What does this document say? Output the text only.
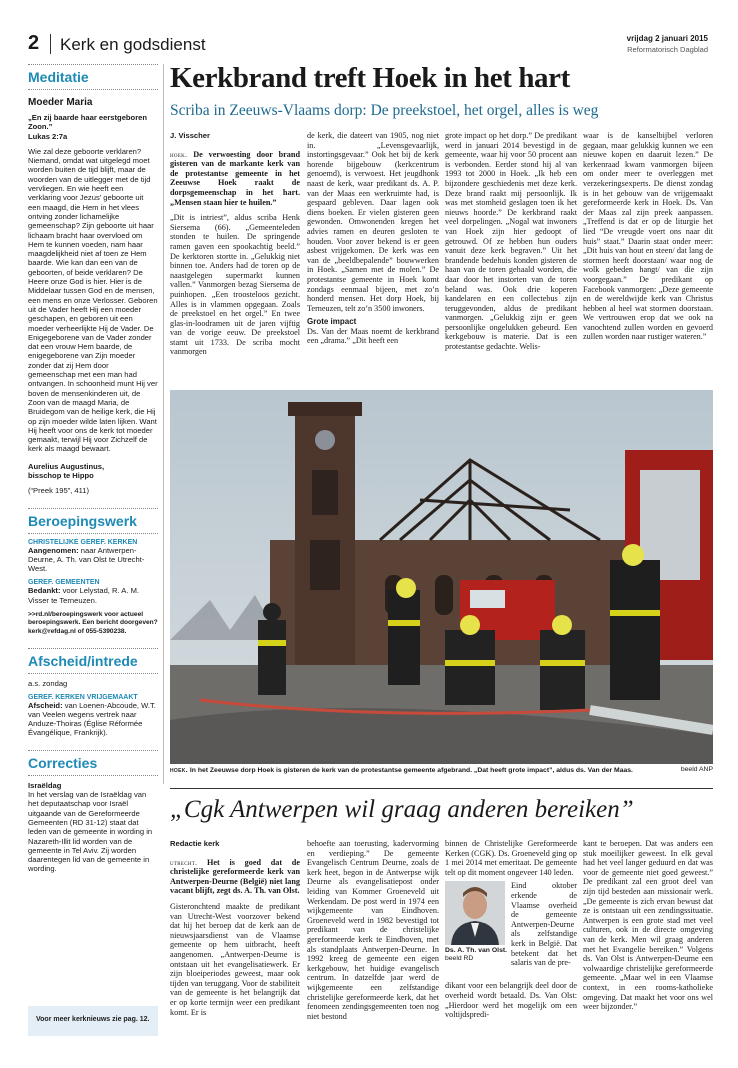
2 Kerk en godsdienst	vrijdag 2 januari 2015
Reformatorisch Dagblad
Meditatie
Moeder Maria
„En zij baarde haar eerstgeboren Zoon.”
Lukas 2:7a
Wie zal deze geboorte verklaren? Niemand, omdat wat uitgelegd moet worden buiten de tijd blijft, maar de woorden van de uitlegger met de tijd vervliegen. En wie heeft een verklaring voor Jezus’ geboorte uit een maagd, die Hem in het vlees ontving zonder lichamelijke gemeenschap? Zijn geboorte uit haar lichaam bracht haar overvloed om Hem te kunnen voeden, nam haar maagdelijkheid niet af toen ze Hem baarde. Wie kan dan een van de geboorten, of beide verklaren? De Heere onze God is hier. Hier is de Middelaar tussen God en de mensen, een mens en onze Verlosser. Geboren uit de Vader heeft Hij een moeder geschapen, en geboren uit een moeder verheerlijkte Hij de Vader. De Enigegeborene van de Vader zonder dat een vrouw Hem baarde, de enigegeborene van Zijn moeder zonder dat zij Hem door gemeenschap met een man had ontvangen. In schoonheid munt Hij ver boven de mensenkinderen uit, de Zoon van de maagd Maria, de Bruidegom van de heilige kerk, die Hij op zijn moeder wilde laten lijken. Want Hij heeft voor ons de kerk tot moeder gemaakt, terwijl Hij voor Zichzelf de kerk als maagd bewaart.
Aurelius Augustinus,
bisschop te Hippo
(“Preek 195”, 411)
Beroepingswerk
CHRISTELIJKE GEREF. KERKEN
Aangenomen: naar Antwerpen-Deurne, A. Th. van Olst te Utrecht-West.
GEREF. GEMEENTEN
Bedankt: voor Lelystad, R. A. M. Visser te Terneuzen.
>>rd.nl/beroepingswerk voor actueel beroepingswerk. Een bericht doorgeven? kerk@refdag.nl of 055-5390238.
Afscheid/intrede
a.s. zondag
GEREF. KERKEN VRIJGEMAAKT
Afscheid: van Loenen-Abcoude, W.T. van Veelen wegens vertrek naar Anduze-Thoiras (Église Réformée Évangélique, Frankrijk).
Correcties
Israëldag
In het verslag van de Israëldag van het deputaatschap voor Israël uitgaande van de Gereformeerde Gemeenten (RD 31-12) staat dat leden van de gemeente in wording in Nazareth-Illit lid worden van de gemeente in Tel Aviv. Zij worden daarentegen lid van de gemeente in wording.
Voor meer kerknieuws zie pag. 12.
Kerkbrand treft Hoek in het hart
Scriba in Zeeuws-Vlaams dorp: De preekstoel, het orgel, alles is weg
J. Visscher

hoek. De verwoesting door brand gisteren van de markante kerk van de protestantse gemeente in het Zeeuwse Hoek raakt de dorpsgemeenschap in het hart. „Mensen staan hier te huilen.”

„Dit is intriest”, aldus scriba Henk Siersema (66). „Gemeenteleden stonden te huilen. De springende ramen gaven een spookachtig beeld.” De kerktoren stortte in. „Gelukkig niet binnen toe. Anders had de toren op de naastgelegen supermarkt kunnen vallen.” Vanmorgen bezag Siersema de puinhopen. „Een troosteloos gezicht. Alles is in vlammen opgegaan. Zoals de preekstoel en het orgel.” En twee glas-in-loodramen uit de jaren vijftig van de vorige eeuw. De preekstoel stamt uit 1733. De scriba mocht vanmorgen

de kerk, die dateert van 1905, nog niet in. „Levensgevaarlijk, instortingsgevaar.” Ook het bij de kerk horende bijgebouw (kerkcentrum genoemd), is verwoest. Het jeugdhonk naast de kerk, waar predikant ds. A. P. van der Maas een werkruimte had, is gespaard gebleven. Daar lagen ook diens boeken. Er vielen gisteren geen gewonden. Omwonenden kregen het advies ramen en deuren gesloten te houden. Voor zover bekend is er geen asbest vrijgekomen. De kerk was een van de „beeldbepalende” bouwwerken in Hoek. „Samen met de molen.” De protestantse gemeente in Hoek komt zondags eenmaal bijeen, met zo’n honderd mensen. Het dorp Hoek, bij Terneuzen, telt zo’n 3500 inwoners.

Grote impact

Ds. Van der Maas noemt de kerkbrand een „drama.” „Dit heeft een

grote impact op het dorp.” De predikant werd in januari 2014 bevestigd in de gemeente, waar hij voor 50 procent aan is verbonden. Eerder stond hij al van 1993 tot 2000 in Hoek. „Ik heb een bijzondere geschiedenis met deze kerk. Deze brand raakt mij persoonlijk. Ik was met stomheid geslagen toen ik het nieuws hoorde.” De kerkbrand raakt veel dorpelingen. „Nogal wat inwoners van Hoek zijn hier gedoopt of getrouwd. Of ze hebben hun ouders vanuit deze kerk begraven.” Uit het brandende bedehuis konden gisteren de haan van de toren gehaald worden, die daar door het instorten van de toren beland was. Ook drie koperen kandelaren en een collectebus zijn teruggevonden, aldus de predikant vanmorgen. „Gelukkig zijn er geen persoonlijke ongelukken gebeurd. Een kerkgebouw is materie. Dat is een protestantse gedachte. Welis-

waar is de kanselbijbel verloren gegaan, maar gelukkig kunnen we een nieuwe kopen en daaruit lezen.” De kerkenraad kwam vanmorgen bijeen om onder meer te overleggen met verzekeringsexperts. De dienst zondag is in het gebouw van de vrijgemaakt gereformeerde kerk in Hoek. Ds. Van der Maas zal zijn preek aanpassen. „Treffend is dat er op de liturgie het lied “De vreugde voert ons naar dit huis” staat.” Daarin staat onder meer: „Dit huis van hout en steen/ dat lang de stormen heeft doorstaan/ waar nog de wolk gebeden hangt/ van die zijn voorgegaan.” De predikant op Facebook vanmorgen: „Deze gemeente en de wereldwijde kerk van Christus hebben al heel wat stormen doorstaan. We vertrouwen erop dat we ook na vanochtend zullen worden en gevoerd zullen worden naar rustiger wateren.”

hoek. In het Zeeuwse dorp Hoek is gisteren de kerk van de protestantse gemeente afgebrand. „Dat heeft grote impact”, aldus ds. Van der Maas.	beeld ANP
„Cgk Antwerpen wil graag anderen bereiken”
Redactie kerk

utrecht. Het is goed dat de christelijke gereformeerde kerk van Antwerpen-Deurne (België) niet lang vacant blijft, zegt ds. A. Th. van Olst.

Gisteronchtend maakte de predikant van Utrecht-West voorzover bekend dat hij het beroep dat de kerk aan de nieuwsjaarsdienst van de Vlaamse gemeente op hem uitbracht, heeft aangenomen. „Antwerpen-Deurne is ontstaan uit het evangelisatiewerk. Er zijn bloeiperiodes geweest, maar ook tijden van teruggang. Voor de stabiliteit van de gemeente is het belangrijk dat er op korte termijn weer een predikant komt. Er is

behoefte aan toerusting, kadervorming en verdieping.” De gemeente Evangelisch Centrum Deurne, zoals de kerk heet, begon in de Antwerpse wijk Deurne als evangelisatiepost onder leiding van Kommer Groeneveld uit Werkendam. De post werd in 1974 een wijkgemeente van Eindhoven. Groeneveld werd in 1982 bevestigd tot predikant van de christelijke gereformeerde kerk te Eindhoven, met als standplaats Antwerpen-Deurne. In 1992 kreeg de gemeente een eigen kerkgebouw, het huidige evangelisch centrum. In datzelfde jaar werd de wijkgemeente een zelfstandige christelijke gereformeerde kerk, dat het fenomeen zendingsgemeenten toen nog niet bestond

binnen de Christelijke Gereformeerde Kerken (CGK). Ds. Groeneveld ging op 1 mei 2014 met emeritaat. De gemeente telt op dit moment ongeveer 140 leden.

Ds. A. Th. van Olst. beeld RD

Eind oktober erkende de Vlaamse overheid de gemeente Antwerpen-Deurne als zelfstandige kerk in België. Dat betekent dat het salaris van de pre-

dikant voor een belangrijk deel door de overheid wordt betaald. Ds. Van Olst: „Hierdoor werd het mogelijk om een voltijdspredi-

kant te beroepen. Dat was anders een stuk moeilijker geweest. In elk geval had het veel langer geduurd en dat was voor de gemeente niet goed geweest.” De predikant zal een groot deel van zijn tijd besteden aan missionair werk. „De gemeente is zich ervan bewust dat ze is ontstaan uit een zendingssituatie. Antwerpen is een grote stad met veel culturen, ook in de directe omgeving van de kerk. Men wil graag anderen met het Evangelie bereiken.” Volgens ds. Van Olst is Antwerpen-Deurne een volwaardige christelijke gereformeerde gemeente. „Maar wel in een Vlaamse context, in een rooms-katholieke omgeving. Dat maakt het voor ons wel weer bijzonder.”
